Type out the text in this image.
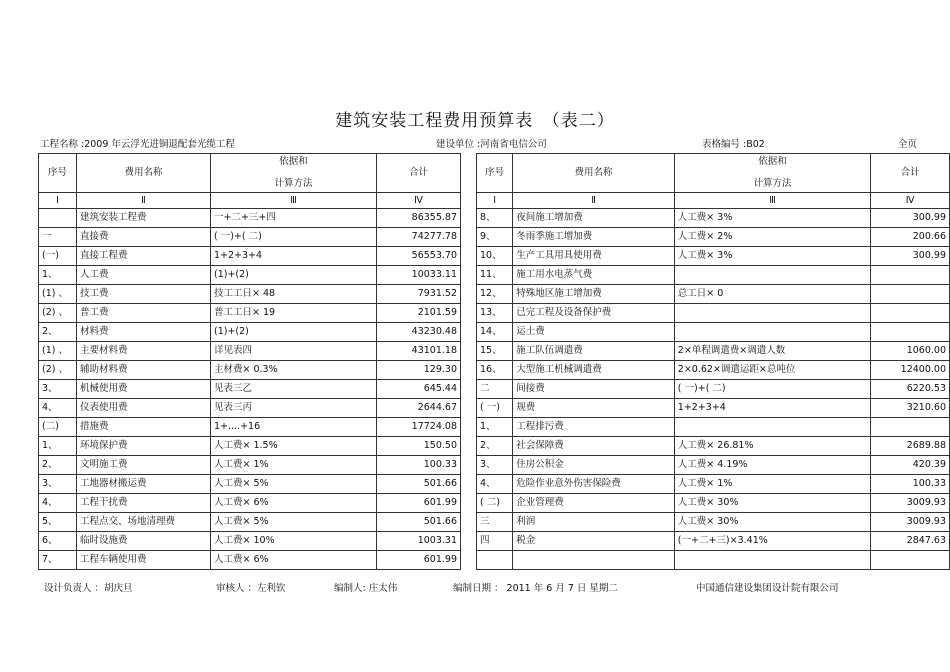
建筑安装工程费用预算表　（表二）
工程名称 :2009 年云浮光进铜退配套光缆工程	建设单位 :河南省电信公司	表格编号 :B02	全页
序号	费用名称	依据和
计算方法	合计
Ⅰ	Ⅱ	Ⅲ	Ⅳ
	建筑安装工程费	一+二+三+四	86355.87
一	直接费	( 一)+( 二)	74277.78
(一)	直接工程费	1+2+3+4	56553.70
1、	人工费	(1)+(2)	10033.11
(1) 、	技工费	技工工日× 48	7931.52
(2) 、	普工费	普工工日× 19	2101.59
2、	材料费	(1)+(2)	43230.48
(1) 、	主要材料费	详见表四	43101.18
(2) 、	辅助材料费	主材费× 0.3%	129.30
3、	机械使用费	见表三乙	645.44
4、	仪表使用费	见表三丙	2644.67
(二)	措施费	1+....+16	17724.08
1、	环境保护费	人工费× 1.5%	150.50
2、	文明施工费	人工费× 1%	100.33
3、	工地器材搬运费	人工费× 5%	501.66
4、	工程干扰费	人工费× 6%	601.99
5、	工程点交、场地清理费	人工费× 5%	501.66
6、	临时设施费	人工费× 10%	1003.31
7、	工程车辆使用费	人工费× 6%	601.99
序号	费用名称	依据和
计算方法	合计
Ⅰ	Ⅱ	Ⅲ	Ⅳ
8、	夜间施工增加费	人工费× 3%	300.99
9、	冬雨季施工增加费	人工费× 2%	200.66
10、	生产工具用具使用费	人工费× 3%	300.99
11、	施工用水电蒸气费		
12、	特殊地区施工增加费	总工日× 0	
13、	已完工程及设备保护费		
14、	运土费		
15、	施工队伍调遣费	2×单程调遣费×调遣人数	1060.00
16、	大型施工机械调遣费	2×0.62×调遣运距×总吨位	12400.00
二	间接费	( 一)+( 二)	6220.53
( 一)	规费	1+2+3+4	3210.60
1、	工程排污费		
2、	社会保障费	人工费× 26.81%	2689.88
3、	住房公积金	人工费× 4.19%	420.39
4、	危险作业意外伤害保险费	人工费× 1%	100.33
( 二)	企业管理费	人工费× 30%	3009.93
三	利润	人工费× 30%	3009.93
四	税金	(一+二+三)×3.41%	2847.63

设计负责人 ：胡庆旦	审核人 ：左利钦	编制人: 庄太伟	编制日期 ： 2011 年 6 月 7 日 星期二	中国通信建设集团设计院有限公司
